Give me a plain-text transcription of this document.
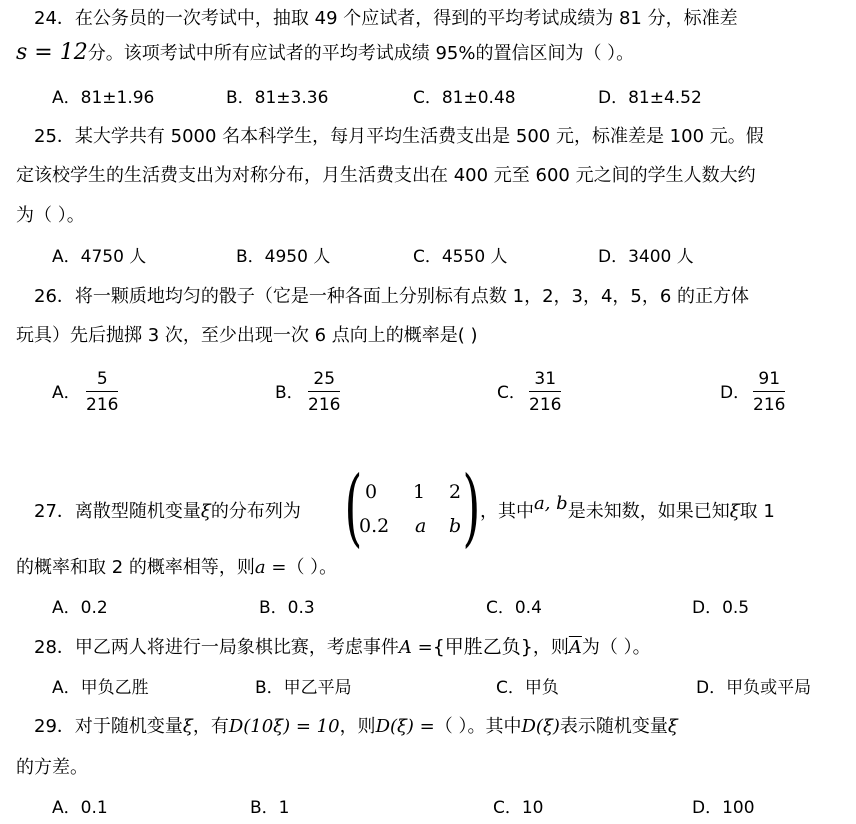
24．在公务员的一次考试中，抽取 49 个应试者，得到的平均考试成绩为 81 分，标准差
s = 12分。该项考试中所有应试者的平均考试成绩 95%的置信区间为（ ）。
A．81±1.96	B．81±3.36	C．81±0.48	D．81±4.52
25．某大学共有 5000 名本科学生，每月平均生活费支出是 500 元，标准差是 100 元。假
定该校学生的生活费支出为对称分布，月生活费支出在 400 元至 600 元之间的学生人数大约
为（ ）。
A．4750 人	B．4950 人	C．4550 人	D．3400 人
26．将一颗质地均匀的骰子（它是一种各面上分别标有点数 1，2，3，4，5，6 的正方体
玩具）先后抛掷 3 次，至少出现一次 6 点向上的概率是( )
A． $\frac{5}{216}$	B． $\frac{25}{216}$	C． $\frac{31}{216}$	D． $\frac{91}{216}$
27．离散型随机变量ξ的分布列为 ( )
0 1 2
0.2 a b
，其中a, b是未知数，如果已知ξ取 1
的概率和取 2 的概率相等，则a =（ ）。
A．0.2	B．0.3	C．0.4	D．0.5
28．甲乙两人将进行一局象棋比赛，考虑事件A ={甲胜乙负}，则$\overline{A}$为（ ）。
A．甲负乙胜	B．甲乙平局	C．甲负	D．甲负或平局
29．对于随机变量ξ，有D(10ξ) = 10，则D(ξ) =（ ）。其中D(ξ)表示随机变量ξ
的方差。
A．0.1	B．1	C．10	D．100
